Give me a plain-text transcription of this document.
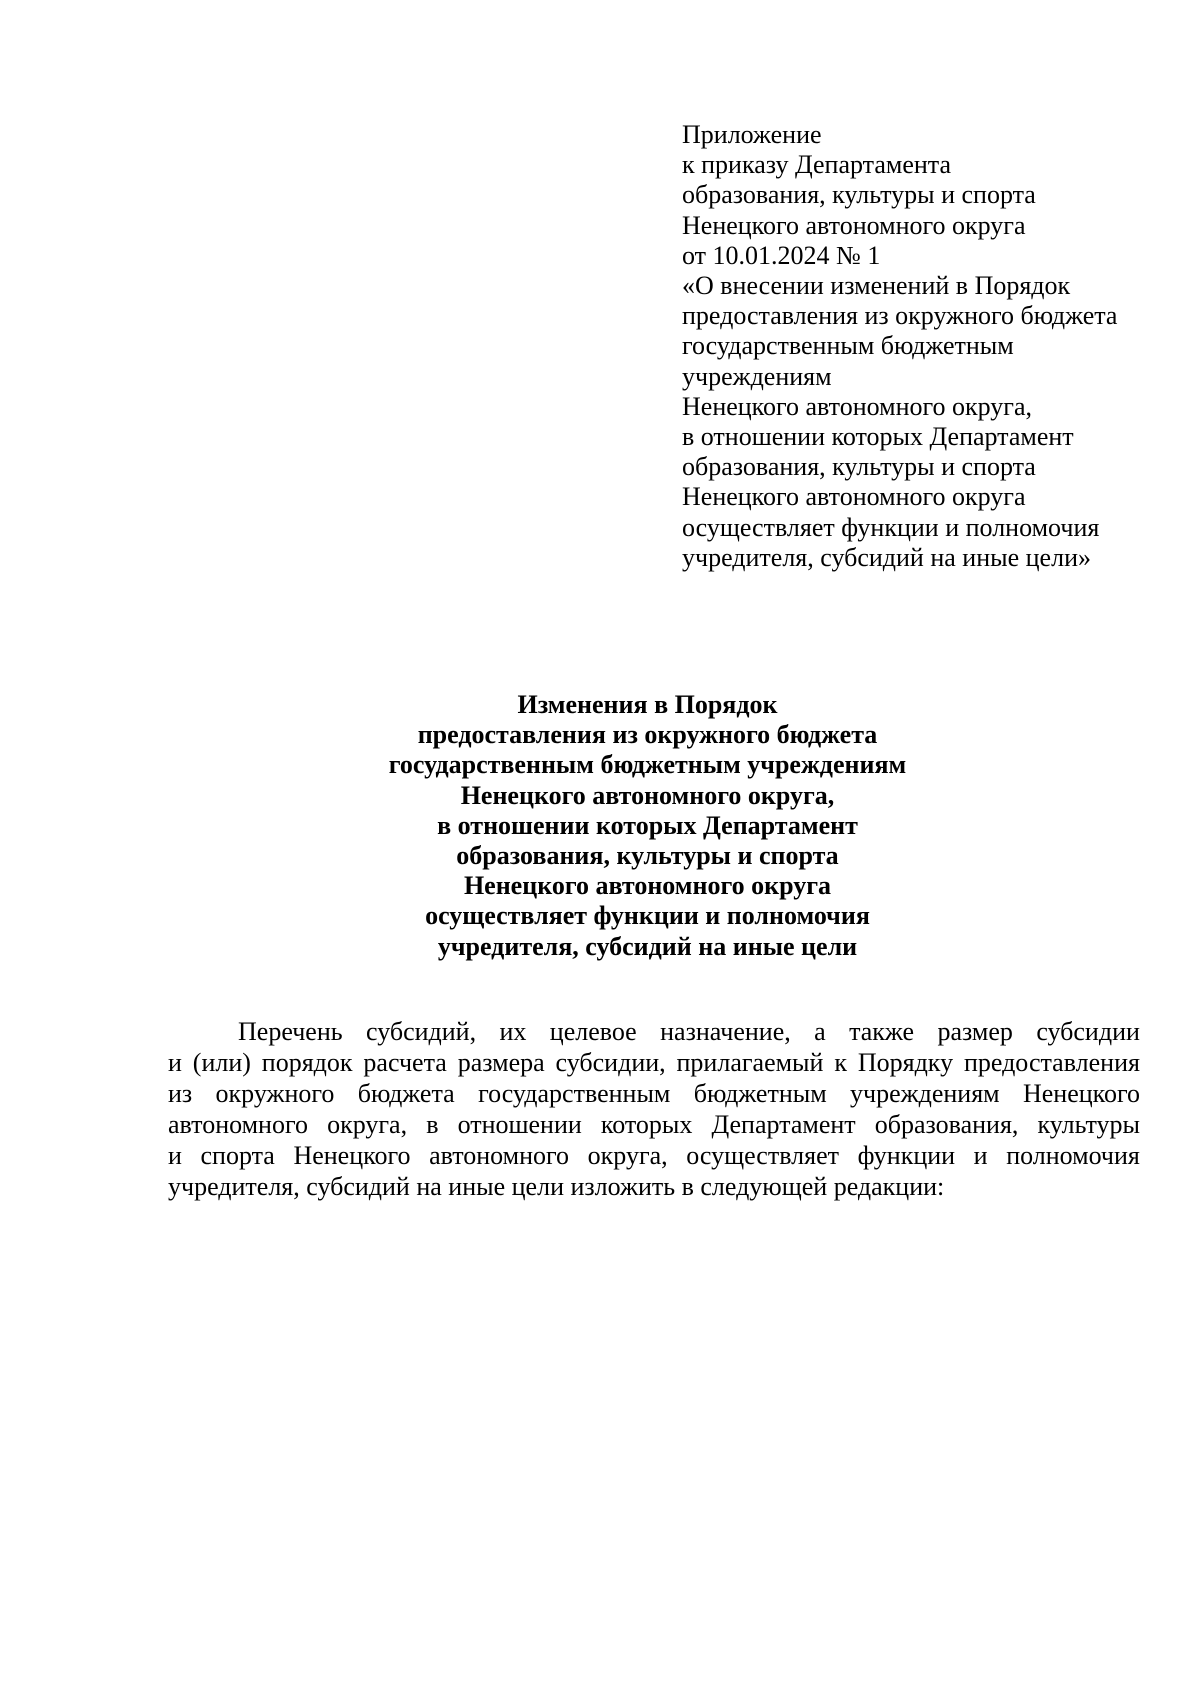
Приложение
к приказу Департамента
образования, культуры и спорта
Ненецкого автономного округа
от 10.01.2024 № 1
«О внесении изменений в Порядок
предоставления из окружного бюджета
государственным бюджетным
учреждениям
Ненецкого автономного округа,
в отношении которых Департамент
образования, культуры и спорта
Ненецкого автономного округа
осуществляет функции и полномочия
учредителя, субсидий на иные цели»
Изменения в Порядок
предоставления из окружного бюджета
государственным бюджетным учреждениям
Ненецкого автономного округа,
в отношении которых Департамент
образования, культуры и спорта
Ненецкого автономного округа
осуществляет функции и полномочия
учредителя, субсидий на иные цели
Перечень субсидий, их целевое назначение, а также размер субсидии
и (или) порядок расчета размера субсидии, прилагаемый к Порядку предоставления
из окружного бюджета государственным бюджетным учреждениям Ненецкого
автономного округа, в отношении которых Департамент образования, культуры
и спорта Ненецкого автономного округа, осуществляет функции и полномочия
учредителя, субсидий на иные цели изложить в следующей редакции:
